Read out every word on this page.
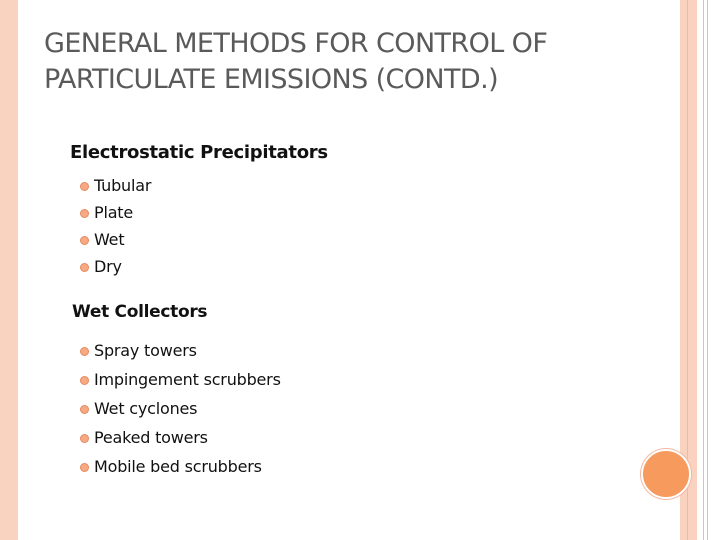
GENERAL METHODS FOR CONTROL OF
PARTICULATE EMISSIONS (CONTD.)
Electrostatic Precipitators
Tubular
Plate
Wet
Dry
Wet Collectors
Spray towers
Impingement scrubbers
Wet cyclones
Peaked towers
Mobile bed scrubbers
